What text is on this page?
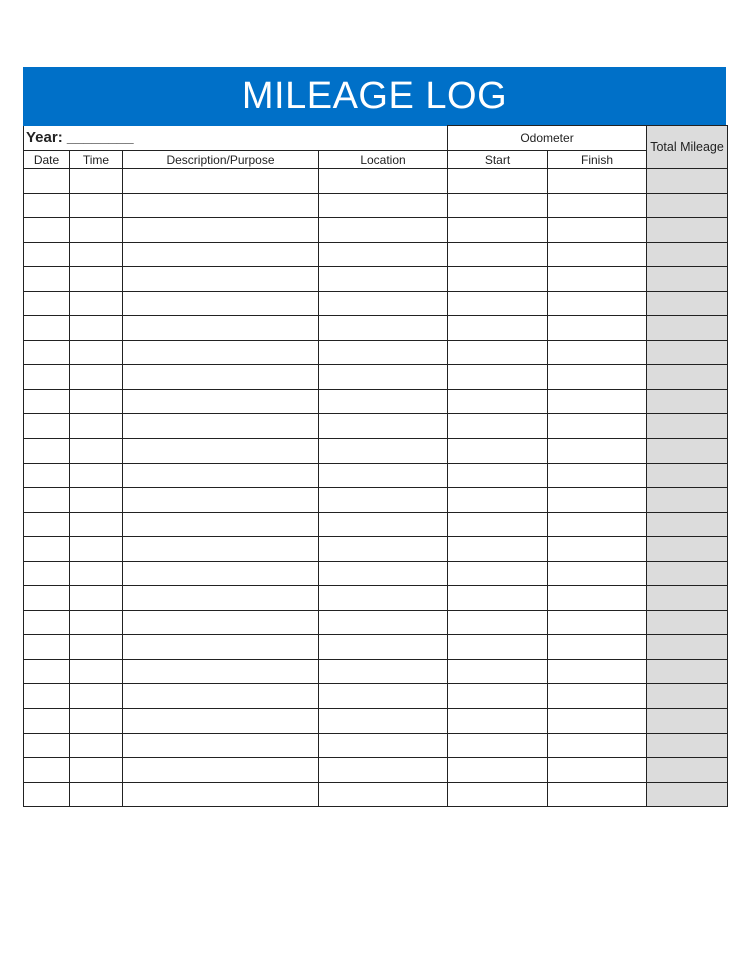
MILEAGE LOG
Year: ________				Odometer		Total Mileage
Date	Time	Description/Purpose	Location	Start	Finish	
